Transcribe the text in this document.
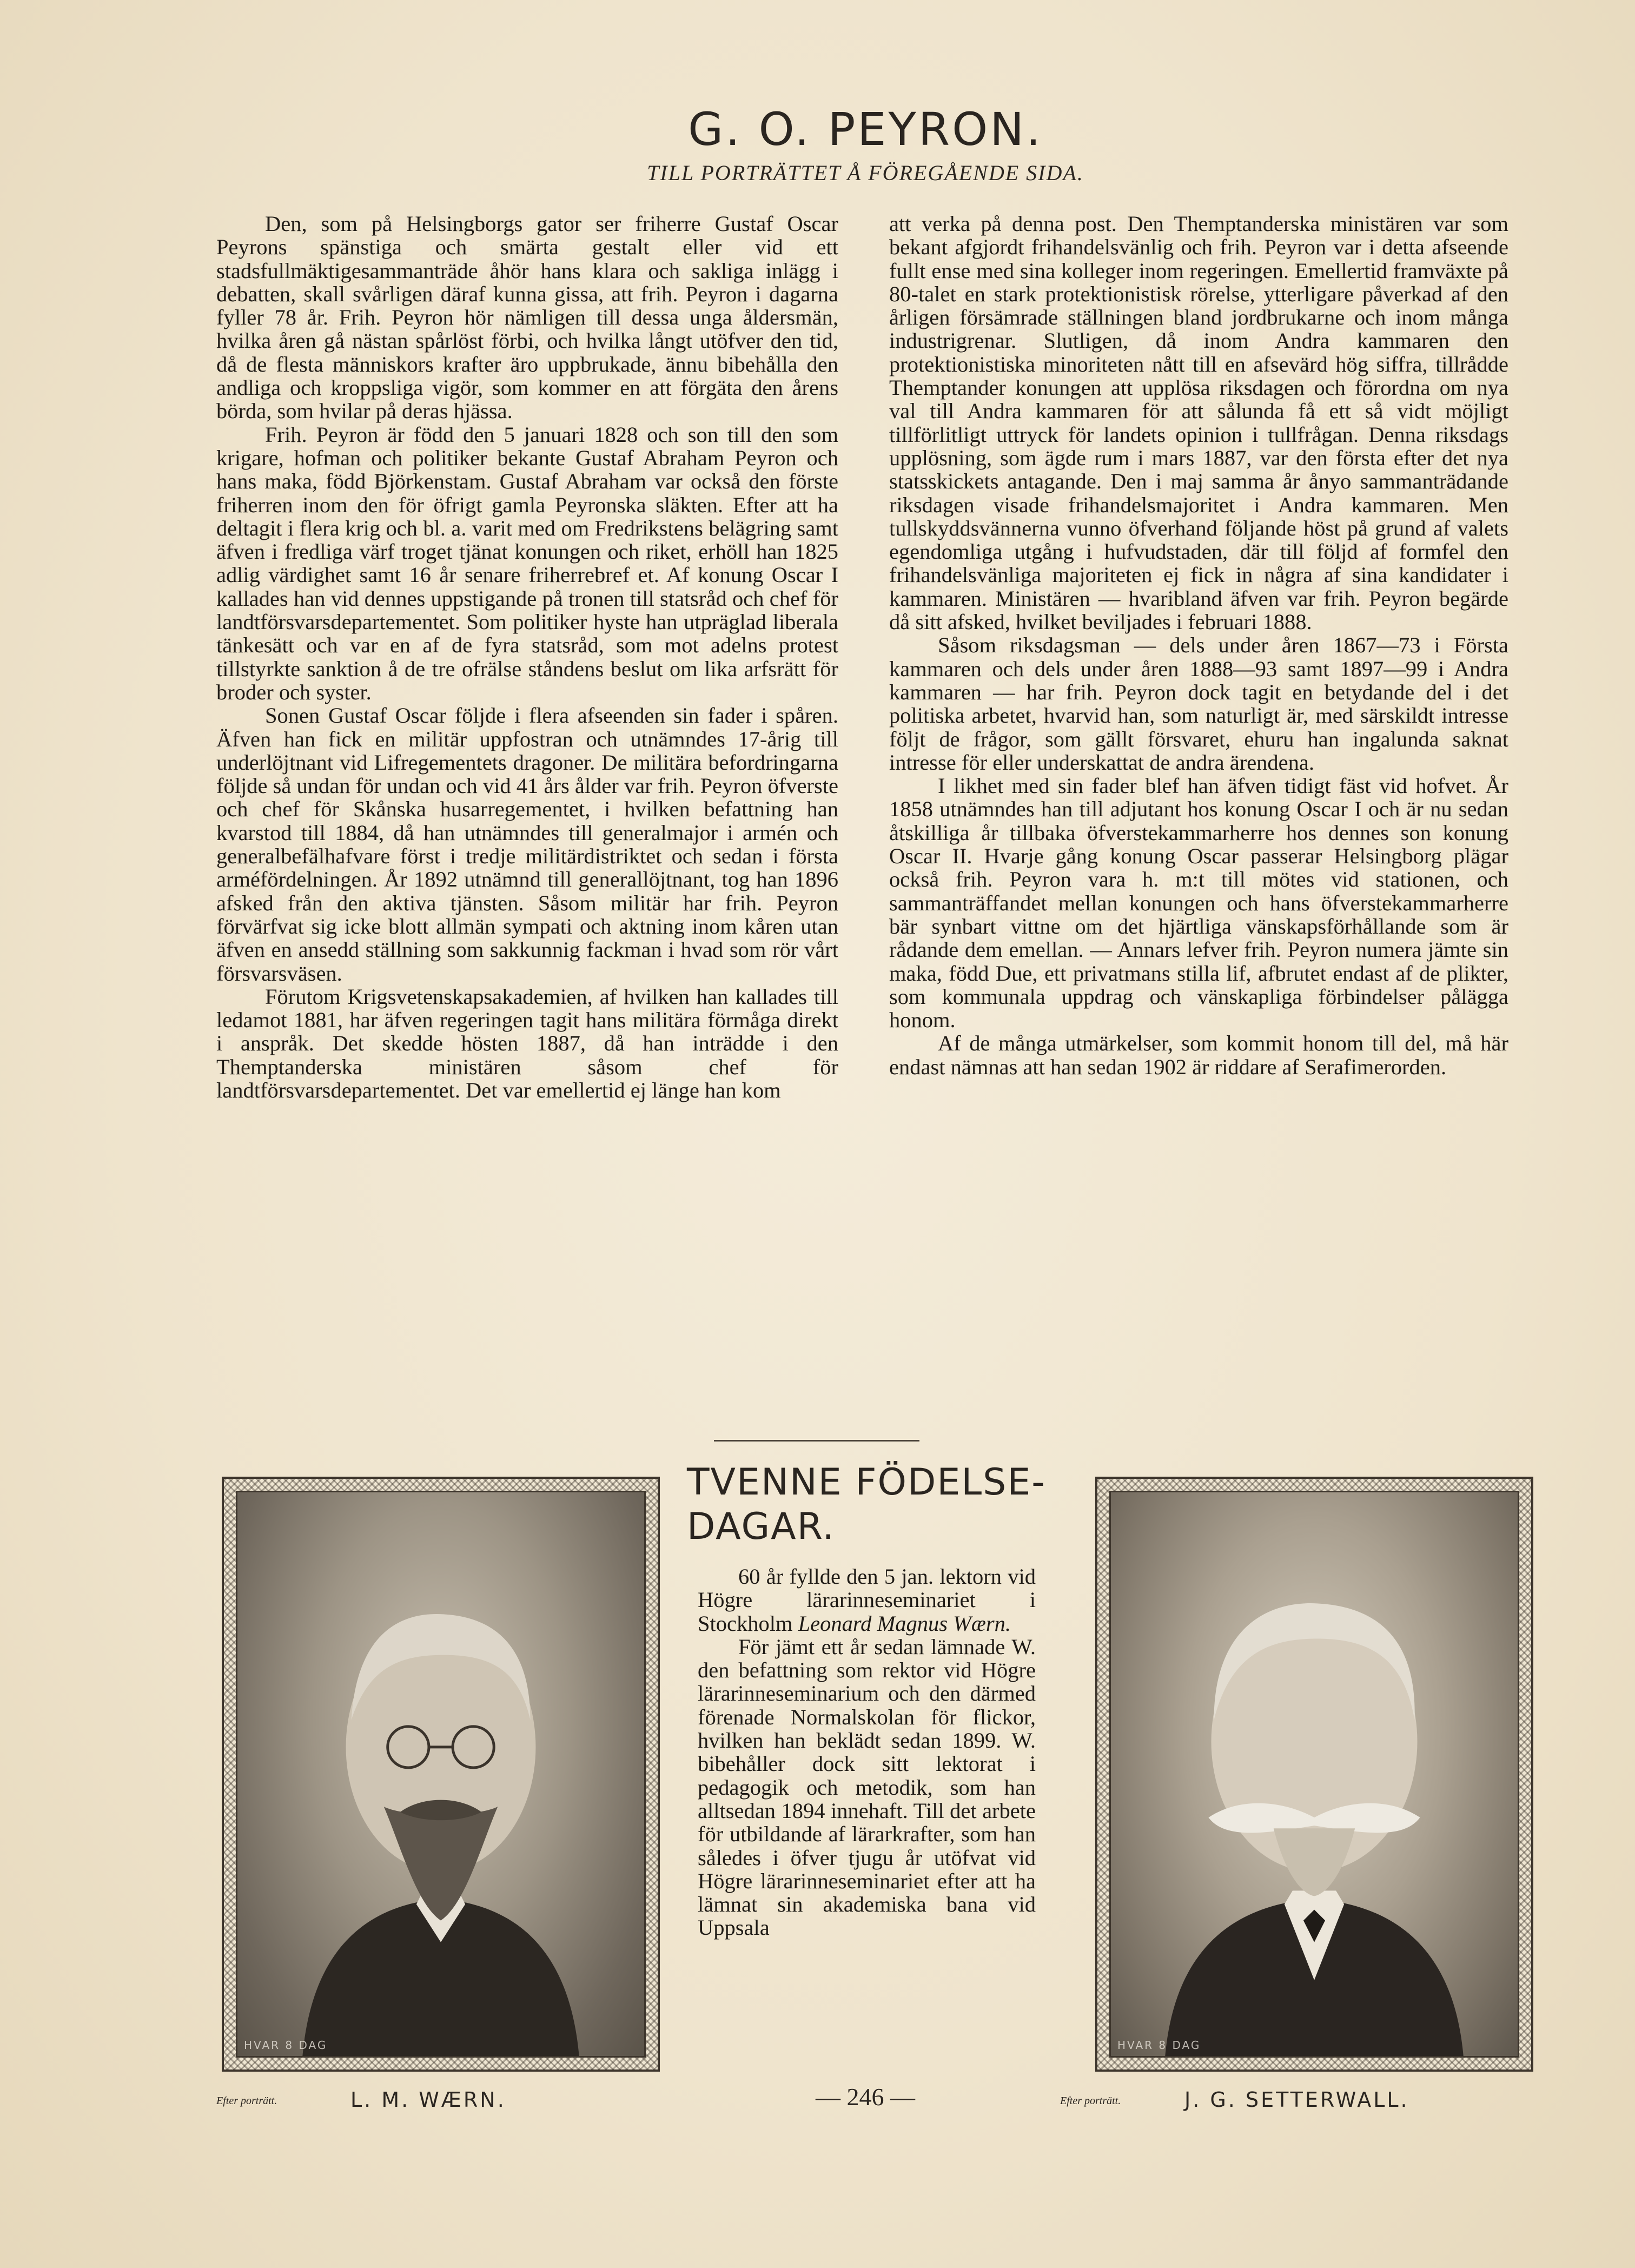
G. O. PEYRON.
TILL PORTRÄTTET Å FÖREGÅENDE SIDA.

Den, som på Helsingborgs gator ser friherre Gustaf Oscar Peyrons spänstiga och smärta gestalt eller vid ett stadsfullmäktigesammanträde åhör hans klara och sakliga inlägg i debatten, skall svårligen däraf kunna gissa, att frih. Peyron i dagarna fyller 78 år. Frih. Peyron hör nämligen till dessa unga åldersmän, hvilka åren gå nästan spårlöst förbi, och hvilka långt utöfver den tid, då de flesta människors krafter äro uppbrukade, ännu bibehålla den andliga och kroppsliga vigör, som kommer en att förgäta den årens börda, som hvilar på deras hjässa.

Frih. Peyron är född den 5 januari 1828 och son till den som krigare, hofman och politiker bekante Gustaf Abraham Peyron och hans maka, född Björkenstam. Gustaf Abraham var också den förste friherren inom den för öfrigt gamla Peyronska släkten. Efter att ha deltagit i flera krig och bl. a. varit med om Fredrikstens belägring samt äfven i fredliga värf troget tjänat konungen och riket, erhöll han 1825 adlig värdighet samt 16 år senare friherrebref et. Af konung Oscar I kallades han vid dennes uppstigande på tronen till statsråd och chef för landtförsvarsdepartementet. Som politiker hyste han utpräglad liberala tänkesätt och var en af de fyra statsråd, som mot adelns protest tillstyrkte sanktion å de tre ofrälse ståndens beslut om lika arfsrätt för broder och syster.

Sonen Gustaf Oscar följde i flera afseenden sin fader i spåren. Äfven han fick en militär uppfostran och utnämndes 17-årig till underlöjtnant vid Lifregementets dragoner. De militära befordringarna följde så undan för undan och vid 41 års ålder var frih. Peyron öfverste och chef för Skånska husarregementet, i hvilken befattning han kvarstod till 1884, då han utnämndes till generalmajor i armén och generalbefälhafvare först i tredje militärdistriktet och sedan i första arméfördelningen. År 1892 utnämnd till generallöjtnant, tog han 1896 afsked från den aktiva tjänsten. Såsom militär har frih. Peyron förvärfvat sig icke blott allmän sympati och aktning inom kåren utan äfven en ansedd ställning som sakkunnig fackman i hvad som rör vårt försvarsväsen.

Förutom Krigsvetenskapsakademien, af hvilken han kallades till ledamot 1881, har äfven regeringen tagit hans militära förmåga direkt i anspråk. Det skedde hösten 1887, då han inträdde i den Themptanderska ministären såsom chef för landtförsvarsdepartementet. Det var emellertid ej länge han kom

att verka på denna post. Den Themptanderska ministären var som bekant afgjordt frihandelsvänlig och frih. Peyron var i detta afseende fullt ense med sina kolleger inom regeringen. Emellertid framväxte på 80-talet en stark protektionistisk rörelse, ytterligare påverkad af den årligen försämrade ställningen bland jordbrukarne och inom många industrigrenar. Slutligen, då inom Andra kammaren den protektionistiska minoriteten nått till en afsevärd hög siffra, tillrådde Themptander konungen att upplösa riksdagen och förordna om nya val till Andra kammaren för att sålunda få ett så vidt möjligt tillförlitligt uttryck för landets opinion i tullfrågan. Denna riksdags upplösning, som ägde rum i mars 1887, var den första efter det nya statsskickets antagande. Den i maj samma år ånyo sammanträdande riksdagen visade frihandelsmajoritet i Andra kammaren. Men tullskyddsvännerna vunno öfverhand följande höst på grund af valets egendomliga utgång i hufvudstaden, där till följd af formfel den frihandelsvänliga majoriteten ej fick in några af sina kandidater i kammaren. Ministären — hvaribland äfven var frih. Peyron begärde då sitt afsked, hvilket beviljades i februari 1888.

Såsom riksdagsman — dels under åren 1867—73 i Första kammaren och dels under åren 1888—93 samt 1897—99 i Andra kammaren — har frih. Peyron dock tagit en betydande del i det politiska arbetet, hvarvid han, som naturligt är, med särskildt intresse följt de frågor, som gällt försvaret, ehuru han ingalunda saknat intresse för eller underskattat de andra ärendena.

I likhet med sin fader blef han äfven tidigt fäst vid hofvet. År 1858 utnämndes han till adjutant hos konung Oscar I och är nu sedan åtskilliga år tillbaka öfverstekammarherre hos dennes son konung Oscar II. Hvarje gång konung Oscar passerar Helsingborg plägar också frih. Peyron vara h. m:t till mötes vid stationen, och sammanträffandet mellan konungen och hans öfverstekammarherre bär synbart vittne om det hjärtliga vänskapsförhållande som är rådande dem emellan. — Annars lefver frih. Peyron numera jämte sin maka, född Due, ett privatmans stilla lif, afbrutet endast af de plikter, som kommunala uppdrag och vänskapliga förbindelser pålägga honom.

Af de många utmärkelser, som kommit honom till del, må här endast nämnas att han sedan 1902 är riddare af Serafimerorden.

TVENNE FÖDELSE-DAGAR.

60 år fyllde den 5 jan. lektorn vid Högre lärarinneseminariet i Stockholm Leonard Magnus Wærn.

För jämt ett år sedan lämnade W. den befattning som rektor vid Högre lärarinneseminarium och den därmed förenade Normalskolan för flickor, hvilken han beklädt sedan 1899. W. bibehåller dock sitt lektorat i pedagogik och metodik, som han alltsedan 1894 innehaft. Till det arbete för utbildande af lärarkrafter, som han således i öfver tjugu år utöfvat vid Högre lärarinneseminariet efter att ha lämnat sin akademiska bana vid Uppsala

HVAR 8 DAG	HVAR 8 DAG
Efter porträtt.	L. M. WÆRN.	— 246 —	Efter porträtt.	J. G. SETTERWALL.
